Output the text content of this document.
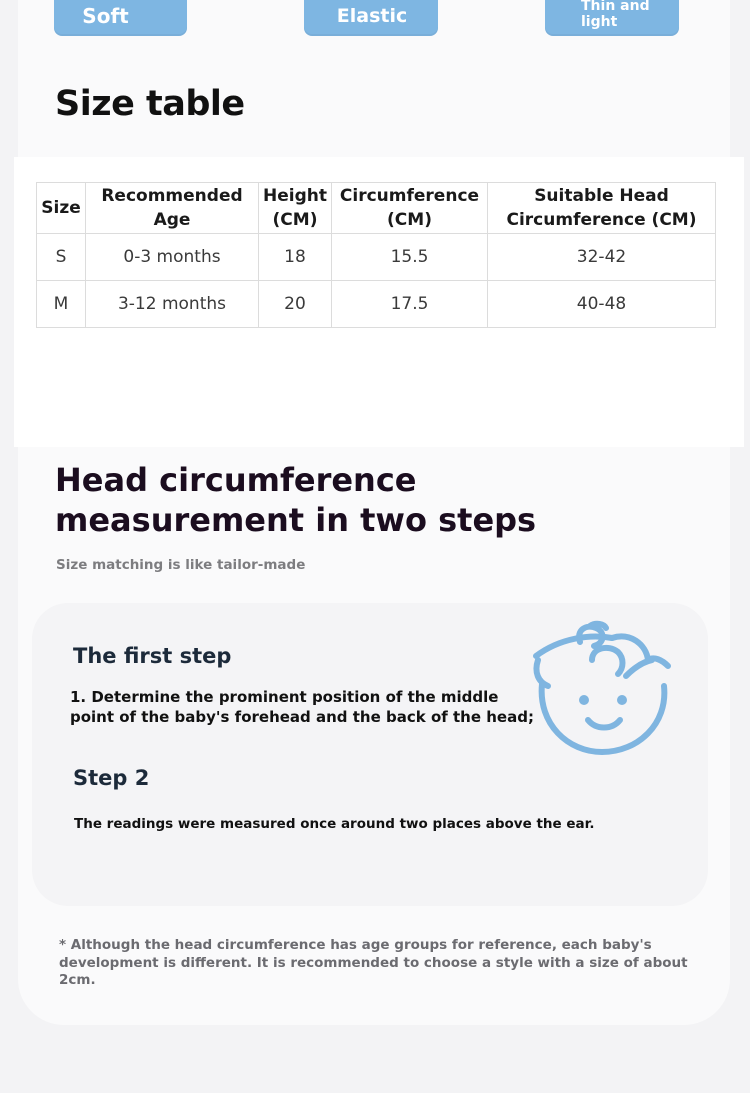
Soft	Elastic	Thin and light
Size table
Size	Recommended Age	Height (CM)	Circumference (CM)	Suitable Head Circumference (CM)
S	0-3 months	18	15.5	32-42
M	3-12 months	20	17.5	40-48
Head circumference measurement in two steps
Size matching is like tailor-made
The first step
1. Determine the prominent position of the middle point of the baby's forehead and the back of the head;
Step 2
The readings were measured once around two places above the ear.
* Although the head circumference has age groups for reference, each baby's development is different. It is recommended to choose a style with a size of about 2cm.
